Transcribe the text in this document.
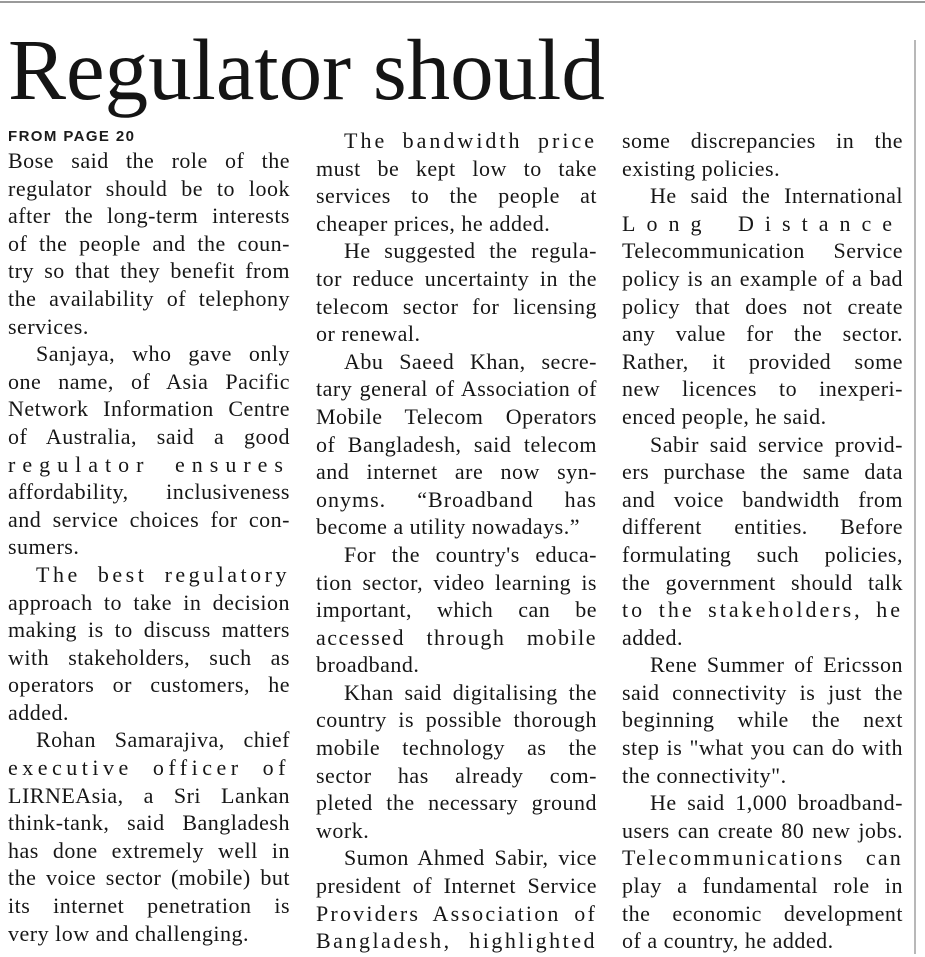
Regulator should
FROM PAGE 20
Bose said the role of the
regulator should be to look
after the long-term interests
of the people and the coun-
try so that they benefit from
the availability of telephony
services.
Sanjaya, who gave only
one name, of Asia Pacific
Network Information Centre
of Australia, said a good
regulator ensures
affordability, inclusiveness
and service choices for con-
sumers.
The best regulatory
approach to take in decision
making is to discuss matters
with stakeholders, such as
operators or customers, he
added.
Rohan Samarajiva, chief
executive officer of
LIRNEAsia, a Sri Lankan
think-tank, said Bangladesh
has done extremely well in
the voice sector (mobile) but
its internet penetration is
very low and challenging.
The bandwidth price
must be kept low to take
services to the people at
cheaper prices, he added.
He suggested the regula-
tor reduce uncertainty in the
telecom sector for licensing
or renewal.
Abu Saeed Khan, secre-
tary general of Association of
Mobile Telecom Operators
of Bangladesh, said telecom
and internet are now syn-
onyms. “Broadband has
become a utility nowadays.”
For the country's educa-
tion sector, video learning is
important, which can be
accessed through mobile
broadband.
Khan said digitalising the
country is possible thorough
mobile technology as the
sector has already com-
pleted the necessary ground
work.
Sumon Ahmed Sabir, vice
president of Internet Service
Providers Association of
Bangladesh, highlighted
some discrepancies in the
existing policies.
He said the International
Long Distance
Telecommunication Service
policy is an example of a bad
policy that does not create
any value for the sector.
Rather, it provided some
new licences to inexperi-
enced people, he said.
Sabir said service provid-
ers purchase the same data
and voice bandwidth from
different entities. Before
formulating such policies,
the government should talk
to the stakeholders, he
added.
Rene Summer of Ericsson
said connectivity is just the
beginning while the next
step is "what you can do with
the connectivity".
He said 1,000 broadband-
users can create 80 new jobs.
Telecommunications can
play a fundamental role in
the economic development
of a country, he added.
